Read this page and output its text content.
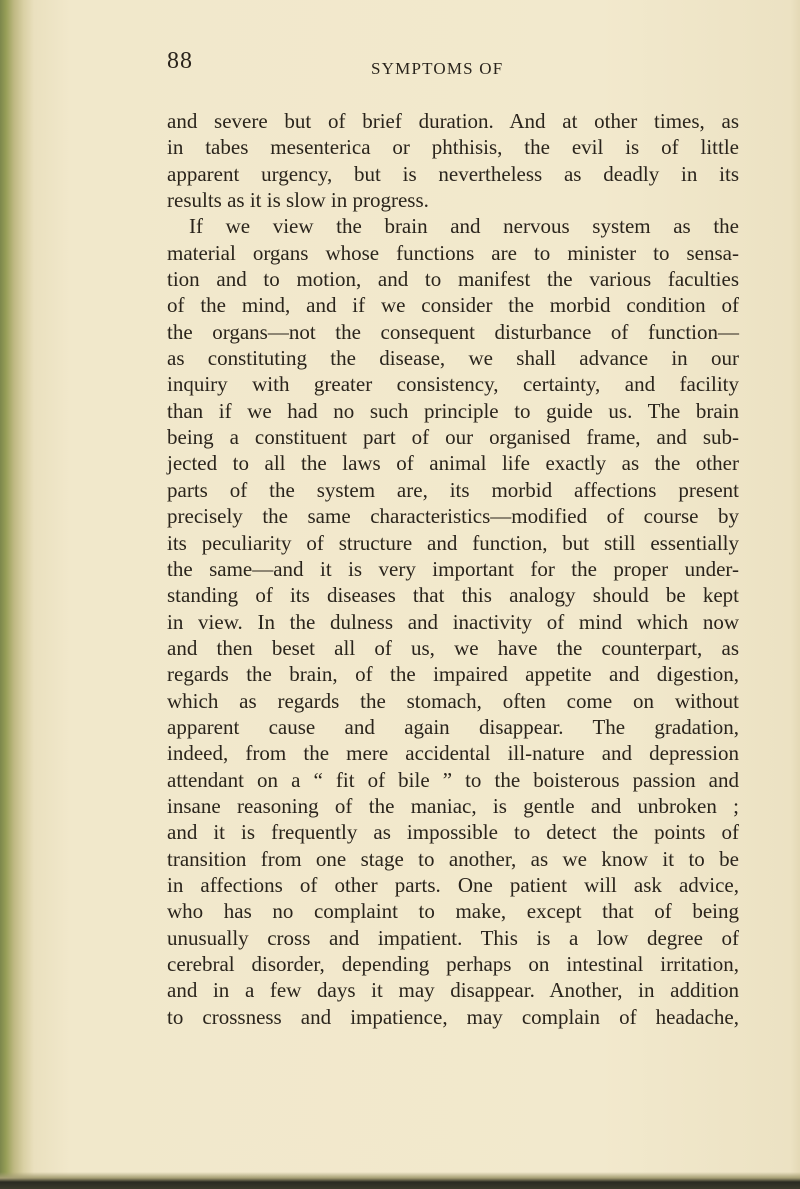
88	SYMPTOMS OF
and severe but of brief duration. And at other times, as
in tabes mesenterica or phthisis, the evil is of little
apparent urgency, but is nevertheless as deadly in its
results as it is slow in progress.
If we view the brain and nervous system as the
material organs whose functions are to minister to sensa-
tion and to motion, and to manifest the various faculties
of the mind, and if we consider the morbid condition of
the organs—not the consequent disturbance of function—
as constituting the disease, we shall advance in our
inquiry with greater consistency, certainty, and facility
than if we had no such principle to guide us. The brain
being a constituent part of our organised frame, and sub-
jected to all the laws of animal life exactly as the other
parts of the system are, its morbid affections present
precisely the same characteristics—modified of course by
its peculiarity of structure and function, but still essentially
the same—and it is very important for the proper under-
standing of its diseases that this analogy should be kept
in view. In the dulness and inactivity of mind which now
and then beset all of us, we have the counterpart, as
regards the brain, of the impaired appetite and digestion,
which as regards the stomach, often come on without
apparent cause and again disappear. The gradation,
indeed, from the mere accidental ill-nature and depression
attendant on a “ fit of bile ” to the boisterous passion and
insane reasoning of the maniac, is gentle and unbroken ;
and it is frequently as impossible to detect the points of
transition from one stage to another, as we know it to be
in affections of other parts. One patient will ask advice,
who has no complaint to make, except that of being
unusually cross and impatient. This is a low degree of
cerebral disorder, depending perhaps on intestinal irritation,
and in a few days it may disappear. Another, in addition
to crossness and impatience, may complain of headache,
